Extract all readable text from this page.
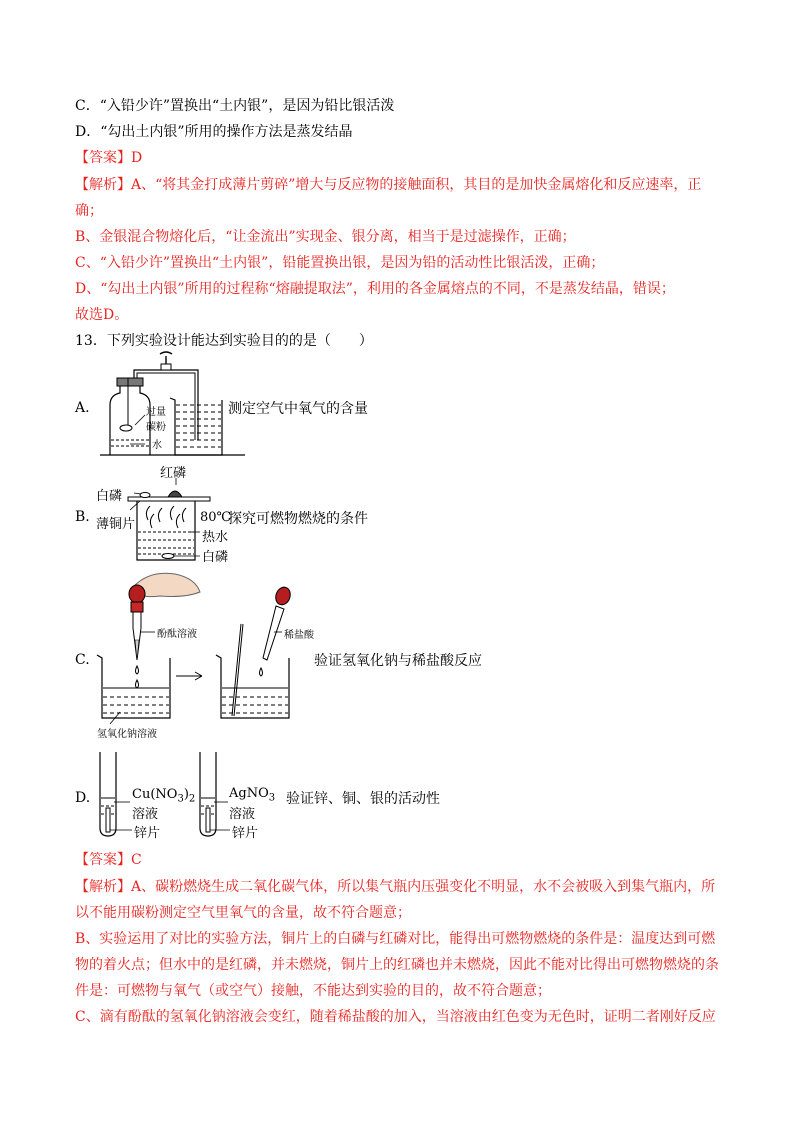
C．“入铅少许”置换出“土内银”，是因为铅比银活泼
D．“勾出土内银”所用的操作方法是蒸发结晶
【答案】D
【解析】A、“将其金打成薄片剪碎”增大与反应物的接触面积，其目的是加快金属熔化和反应速率，正
确；
B、金银混合物熔化后，“让金流出”实现金、银分离，相当于是过滤操作，正确；
C、“入铅少许”置换出“土内银”，铅能置换出银，是因为铅的活动性比银活泼，正确；
D、“勾出土内银”所用的过程称“熔融提取法”，利用的各金属熔点的不同，不是蒸发结晶，错误；
故选D。
13．下列实验设计能达到实验目的的是（　　）
A.	过量
碳粉
水
测定空气中氧气的含量
B.
红磷
白磷
薄铜片	80℃
热水
白磷
探究可燃物燃烧的条件
C.
酚酞溶液	稀盐酸
氢氧化钠溶液
验证氢氧化钠与稀盐酸反应
D.	$Cu(NO_3)_2$
溶液
锌片
AgNO$_3$
溶液
锌片
验证锌、铜、银的活动性
【答案】C
【解析】A、碳粉燃烧生成二氧化碳气体，所以集气瓶内压强变化不明显，水不会被吸入到集气瓶内，所
以不能用碳粉测定空气里氧气的含量，故不符合题意；
B、实验运用了对比的实验方法，铜片上的白磷与红磷对比，能得出可燃物燃烧的条件是：温度达到可燃
物的着火点；但水中的是红磷，并未燃烧，铜片上的红磷也并未燃烧，因此不能对比得出可燃物燃烧的条
件是：可燃物与氧气（或空气）接触，不能达到实验的目的，故不符合题意；
C、滴有酚酞的氢氧化钠溶液会变红，随着稀盐酸的加入，当溶液由红色变为无色时，证明二者刚好反应
